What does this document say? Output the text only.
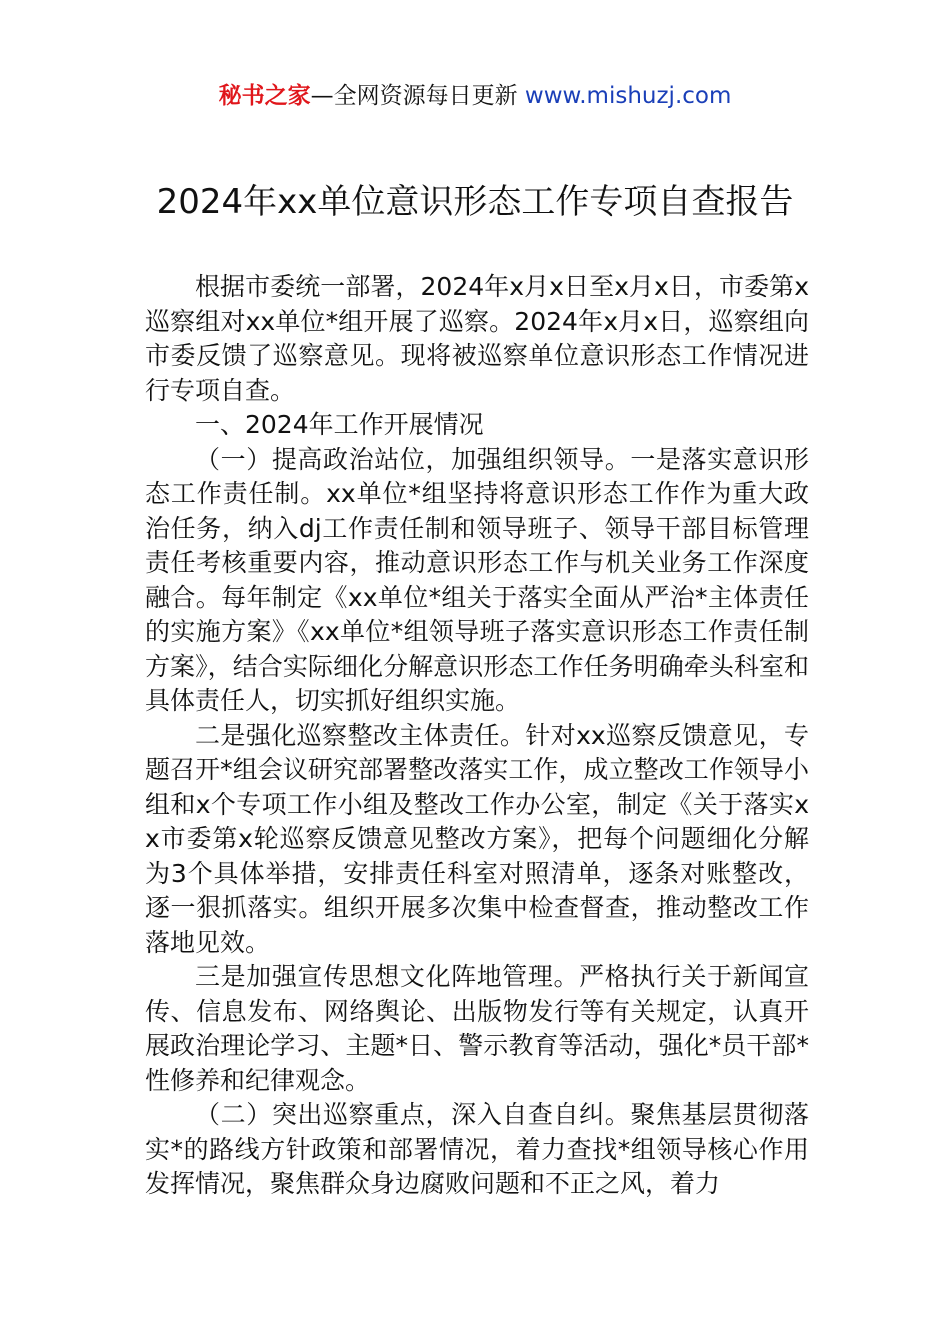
秘书之家—全网资源每日更新 www.mishuzj.com
2024年xx单位意识形态工作专项自查报告

根据市委统一部署，2024年x月x日至x月x日，市委第x巡察组对xx单位*组开展了巡察。2024年x月x日，巡察组向市委反馈了巡察意见。现将被巡察单位意识形态工作情况进行专项自查。

一、2024年工作开展情况

（一）提高政治站位，加强组织领导。一是落实意识形态工作责任制。xx单位*组坚持将意识形态工作作为重大政治任务，纳入dj工作责任制和领导班子、领导干部目标管理责任考核重要内容，推动意识形态工作与机关业务工作深度融合。每年制定《xx单位*组关于落实全面从严治*主体责任的实施方案》《xx单位*组领导班子落实意识形态工作责任制方案》，结合实际细化分解意识形态工作任务明确牵头科室和具体责任人，切实抓好组织实施。

二是强化巡察整改主体责任。针对xx巡察反馈意见，专题召开*组会议研究部署整改落实工作，成立整改工作领导小组和x个专项工作小组及整改工作办公室，制定《关于落实xx市委第x轮巡察反馈意见整改方案》，把每个问题细化分解为3个具体举措，安排责任科室对照清单，逐条对账整改，逐一狠抓落实。组织开展多次集中检查督查，推动整改工作落地见效。

三是加强宣传思想文化阵地管理。严格执行关于新闻宣传、信息发布、网络舆论、出版物发行等有关规定，认真开展政治理论学习、主题*日、警示教育等活动，强化*员干部*性修养和纪律观念。

（二）突出巡察重点，深入自查自纠。聚焦基层贯彻落实*的路线方针政策和部署情况，着力查找*组领导核心作用发挥情况，聚焦群众身边腐败问题和不正之风，着力
